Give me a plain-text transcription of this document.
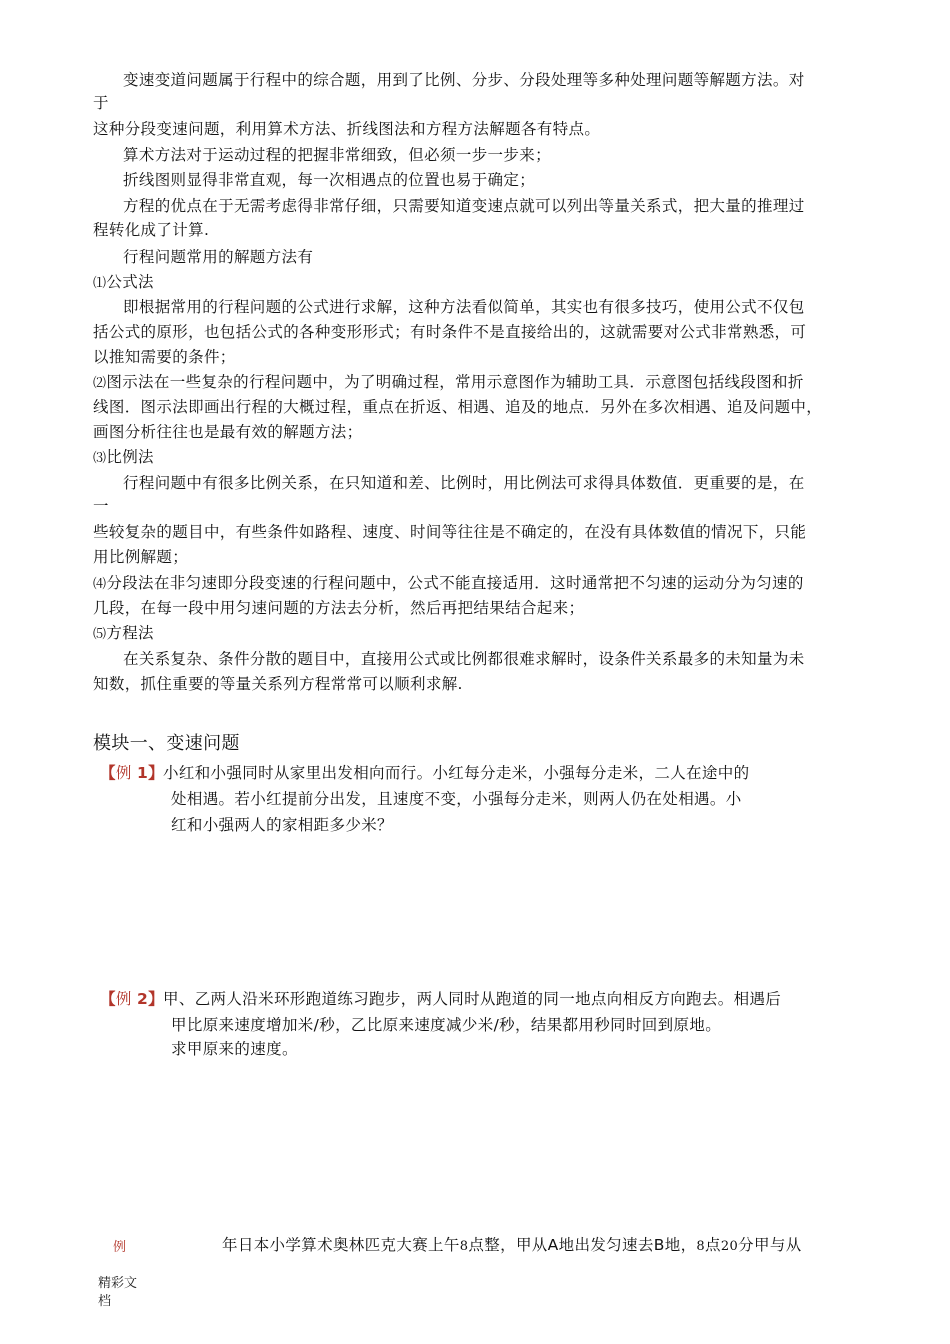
变速变道问题属于行程中的综合题，用到了比例、分步、分段处理等多种处理问题等解题方法。对
于
这种分段变速问题，利用算术方法、折线图法和方程方法解题各有特点。
算术方法对于运动过程的把握非常细致，但必须一步一步来；
折线图则显得非常直观，每一次相遇点的位置也易于确定；
方程的优点在于无需考虑得非常仔细，只需要知道变速点就可以列出等量关系式，把大量的推理过
程转化成了计算.
行程问题常用的解题方法有
⑴公式法
即根据常用的行程问题的公式进行求解，这种方法看似简单，其实也有很多技巧，使用公式不仅包
括公式的原形，也包括公式的各种变形形式；有时条件不是直接给出的，这就需要对公式非常熟悉，可
以推知需要的条件；
⑵图示法在一些复杂的行程问题中，为了明确过程，常用示意图作为辅助工具．示意图包括线段图和折
线图．图示法即画出行程的大概过程，重点在折返、相遇、追及的地点．另外在多次相遇、追及问题中，
画图分析往往也是最有效的解题方法；
⑶比例法
行程问题中有很多比例关系，在只知道和差、比例时，用比例法可求得具体数值．更重要的是，在
一
些较复杂的题目中，有些条件如路程、速度、时间等往往是不确定的，在没有具体数值的情况下，只能
用比例解题；
⑷分段法在非匀速即分段变速的行程问题中，公式不能直接适用．这时通常把不匀速的运动分为匀速的
几段，在每一段中用匀速问题的方法去分析，然后再把结果结合起来；
⑸方程法
在关系复杂、条件分散的题目中，直接用公式或比例都很难求解时，设条件关系最多的未知量为未
知数，抓住重要的等量关系列方程常常可以顺利求解.
模块一、变速问题
【例 1】 小红和小强同时从家里出发相向而行。小红每分走米，小强每分走米，二人在途中的
处相遇。若小红提前分出发，且速度不变，小强每分走米，则两人仍在处相遇。小
红和小强两人的家相距多少米？
【例 2】 甲、乙两人沿米环形跑道练习跑步，两人同时从跑道的同一地点向相反方向跑去。相遇后
甲比原来速度增加米/秒，乙比原来速度减少米/秒，结果都用秒同时回到原地。
求甲原来的速度。
例	年日本小学算术奥林匹克大赛上午8点整，甲从A地出发匀速去B地，8点20分甲与从
精彩文
档
